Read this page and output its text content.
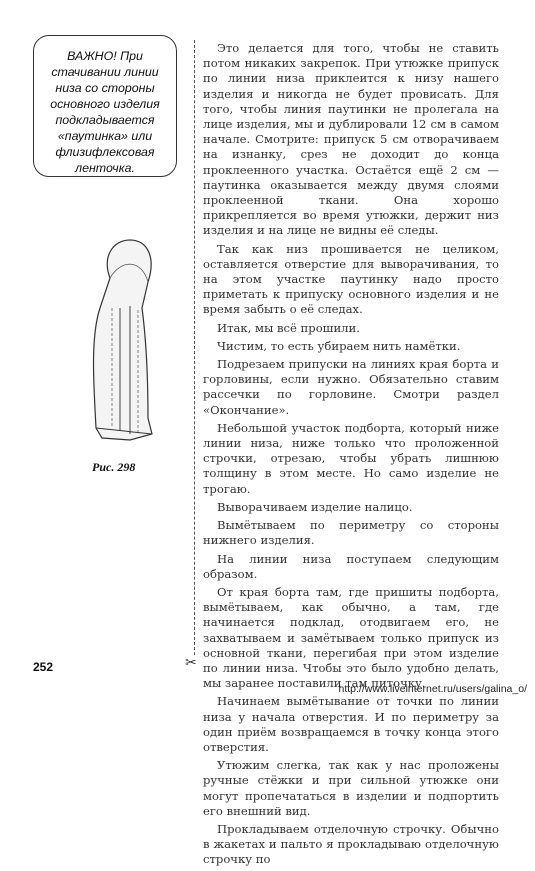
ВАЖНО! При стачивании линии низа со стороны основного изделия подкладывается «паутинка» или флизифлексовая ленточка.

Рис. 298
✂

Это делается для того, чтобы не ставить потом никаких закрепок. При утюжке припуск по линии низа приклеится к низу нашего изделия и никогда не будет провисать. Для того, чтобы линия паутинки не пролегала на лице изделия, мы и дублировали 12 см в самом начале. Смотрите: припуск 5 см отворачиваем на изнанку, срез не доходит до конца проклеенного участка. Остаётся ещё 2 см — паутинка оказывается между двумя слоями проклеенной ткани. Она хорошо прикрепляется во время утюжки, держит низ изделия и на лице не видны её следы.

Так как низ прошивается не целиком, оставляется отверстие для выворачивания, то на этом участке паутинку надо просто приметать к припуску основного изделия и не время забыть о её следах.

Итак, мы всё прошили.

Чистим, то есть убираем нить намётки.

Подрезаем припуски на линиях края борта и горловины, если нужно. Обязательно ставим рассечки по горловине. Смотри раздел «Окончание».

Небольшой участок подборта, который ниже линии низа, ниже только что проложенной строчки, отрезаю, чтобы убрать лишнюю толщину в этом месте. Но само изделие не трогаю.

Выворачиваем изделие налицо.

Вымётываем по периметру со стороны нижнего изделия.

На линии низа поступаем следующим образом.

От края борта там, где пришиты подборта, вымётываем, как обычно, а там, где начинается подклад, отодвигаем его, не захватываем и замётываем только припуск из основной ткани, перегибая при этом изделие по линии низа. Чтобы это было удобно делать, мы заранее поставили там питочку.

Начинаем вымётывание от точки по линии низа у начала отверстия. И по периметру за один приём возвращаемся в точку конца этого отверстия.

Утюжим слегка, так как у нас проложены ручные стёжки и при сильной утюжке они могут пропечататься в изделии и подпортить его внешний вид.

Прокладываем отделочную строчку. Обычно в жакетах и пальто я прокладываю отделочную строчку по

252
http://www.liveinternet.ru/users/galina_o/
